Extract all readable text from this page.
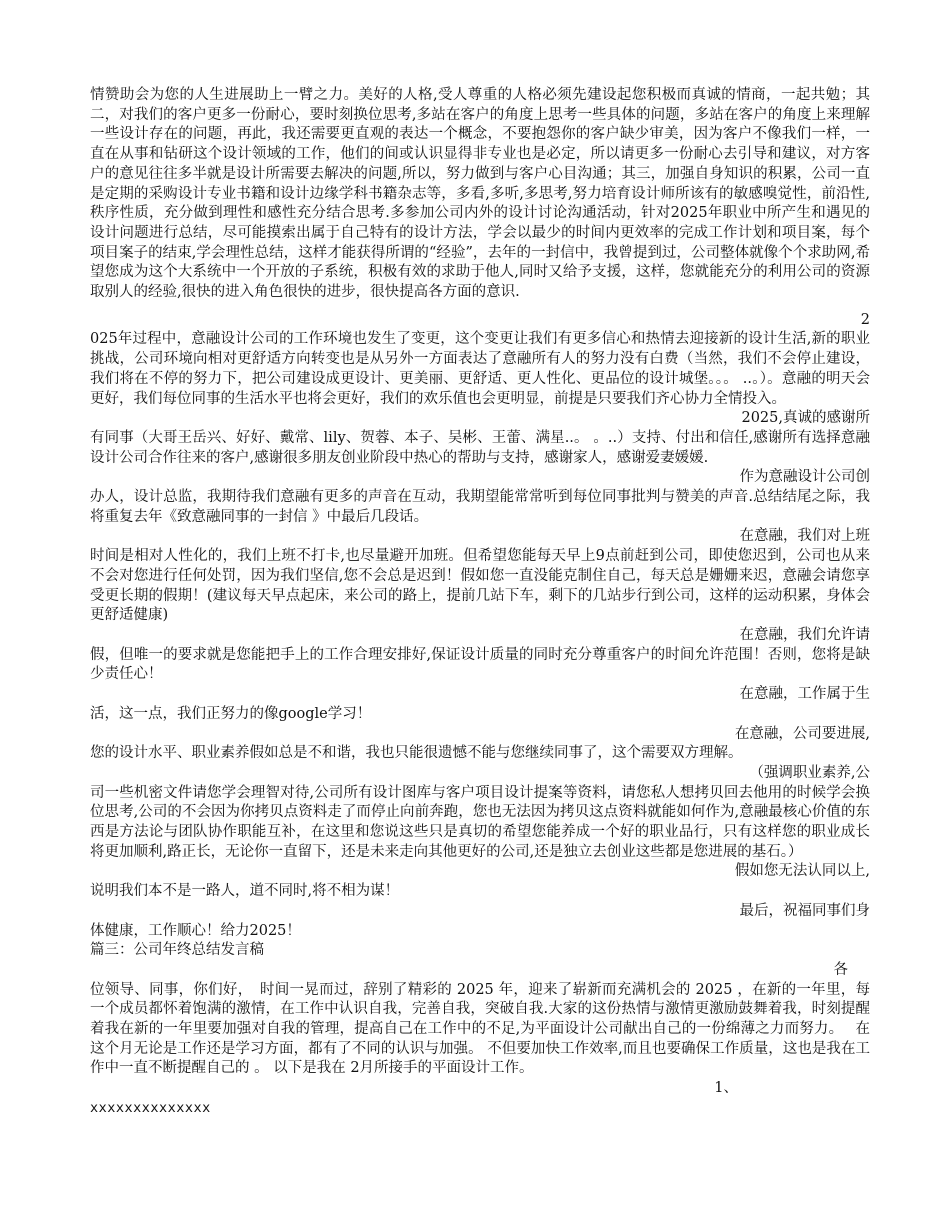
情赞助会为您的人生进展助上一臂之力。美好的人格,受人尊重的人格必须先建设起您积极而真诚的情商，一起共勉；其二，对我们的客户更多一份耐心，要时刻换位思考,多站在客户的角度上思考一些具体的问题，多站在客户的角度上来理解一些设计存在的问题，再此，我还需要更直观的表达一个概念，不要抱怨你的客户缺少审美，因为客户不像我们一样，一直在从事和钻研这个设计领域的工作，他们的间或认识显得非专业也是必定，所以请更多一份耐心去引导和建议，对方客户的意见往往多半就是设计所需要去解决的问题,所以，努力做到与客户心目沟通；其三，加强自身知识的积累，公司一直是定期的采购设计专业书籍和设计边缘学科书籍杂志等，多看,多听,多思考,努力培育设计师所该有的敏感嗅觉性，前沿性,秩序性质，充分做到理性和感性充分结合思考.多参加公司内外的设计讨论沟通活动，针对2025年职业中所产生和遇见的设计问题进行总结，尽可能摸索出属于自己特有的设计方法，学会以最少的时间内更效率的完成工作计划和项目案，每个项目案子的结束,学会理性总结，这样才能获得所谓的“经验”，去年的一封信中，我曾提到过，公司整体就像个个求助网,希望您成为这个大系统中一个开放的子系统，积极有效的求助于他人,同时又给予支援，这样，您就能充分的利用公司的资源取别人的经验,很快的进入角色很快的进步，很快提高各方面的意识.

2

025年过程中，意融设计公司的工作环境也发生了变更，这个变更让我们有更多信心和热情去迎接新的设计生活,新的职业挑战，公司环境向相对更舒适方向转变也是从另外一方面表达了意融所有人的努力没有白费（当然，我们不会停止建设，我们将在不停的努力下，把公司建设成更设计、更美丽、更舒适、更人性化、更品位的设计城堡。。。 ..。）。意融的明天会更好，我们每位同事的生活水平也将会更好，我们的欢乐值也会更明显，前提是只要我们齐心协力全情投入。

2025,真诚的感谢所

有同事（大哥王岳兴、好好、戴常、lily、贺蓉、本子、吴彬、王蕾、满星..。 。..）支持、付出和信任,感谢所有选择意融设计公司合作往来的客户,感谢很多朋友创业阶段中热心的帮助与支持，感谢家人，感谢爱妻媛媛.

作为意融设计公司创

办人，设计总监，我期待我们意融有更多的声音在互动，我期望能常常听到每位同事批判与赞美的声音.总结结尾之际，我将重复去年《致意融同事的一封信 》中最后几段话。

在意融，我们对上班

时间是相对人性化的，我们上班不打卡,也尽量避开加班。但希望您能每天早上9点前赶到公司，即使您迟到，公司也从来不会对您进行任何处罚，因为我们坚信,您不会总是迟到！假如您一直没能克制住自己，每天总是姗姗来迟，意融会请您享受更长期的假期！(建议每天早点起床，来公司的路上，提前几站下车，剩下的几站步行到公司，这样的运动积累，身体会更舒适健康)

在意融，我们允许请

假，但唯一的要求就是您能把手上的工作合理安排好,保证设计质量的同时充分尊重客户的时间允许范围！否则，您将是缺少责任心！

在意融，工作属于生

活，这一点，我们正努力的像google学习！

在意融，公司要进展,

您的设计水平、职业素养假如总是不和谐，我也只能很遗憾不能与您继续同事了，这个需要双方理解。

（强调职业素养,公

司一些机密文件请您学会理智对待,公司所有设计图库与客户项目设计提案等资料，请您私人想拷贝回去他用的时候学会换位思考,公司的不会因为你拷贝点资料走了而停止向前奔跑，您也无法因为拷贝这点资料就能如何作为,意融最核心价值的东西是方法论与团队协作职能互补，在这里和您说这些只是真切的希望您能养成一个好的职业品行，只有这样您的职业成长将更加顺利,路正长，无论你一直留下，还是未来走向其他更好的公司,还是独立去创业这些都是您进展的基石。）

假如您无法认同以上,

说明我们本不是一路人，道不同时,将不相为谋！

最后，祝福同事们身

体健康，工作顺心！给力2025！

篇三：公司年终总结发言稿

各

位领导、同事，你们好，　时间一晃而过，辞别了精彩的 2025 年，迎来了崭新而充满机会的 2025 ，在新的一年里，每一个成员都怀着饱满的激情，在工作中认识自我，完善自我，突破自我.大家的这份热情与激情更激励鼓舞着我，时刻提醒着我在新的一年里要加强对自我的管理，提高自己在工作中的不足,为平面设计公司献出自己的一份绵薄之力而努力。　 在这个月无论是工作还是学习方面，都有了不同的认识与加强。 不但要加快工作效率,而且也要确保工作质量，这也是我在工作中一直不断提醒自己的 。 以下是我在 2月所接手的平面设计工作。

1、

xxxxxxxxxxxxxx
